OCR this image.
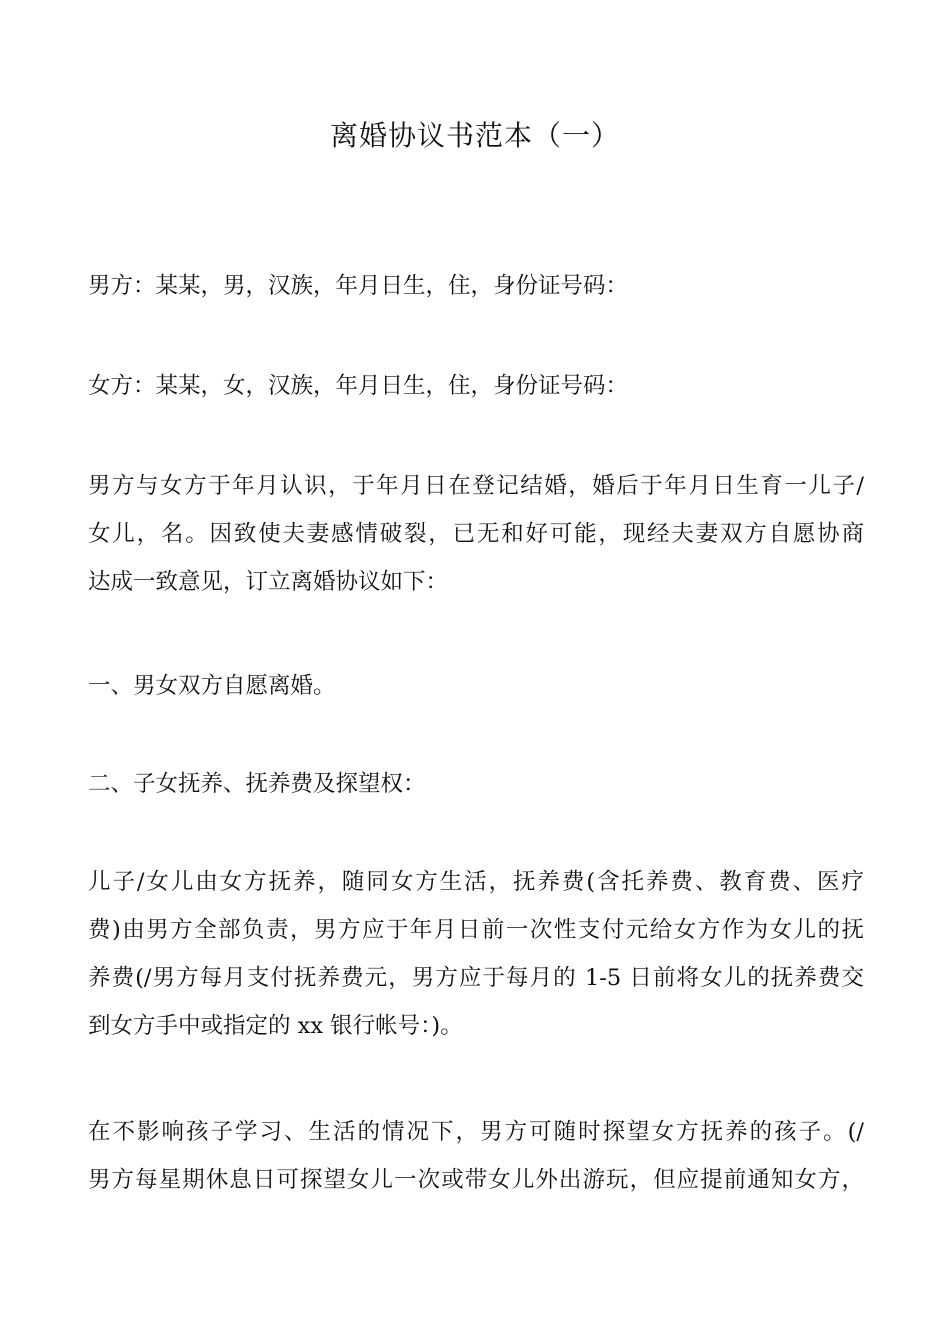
离婚协议书范本（一）

男方：某某，男，汉族，年月日生，住，身份证号码：

女方：某某，女，汉族，年月日生，住，身份证号码：

男方与女方于年月认识，于年月日在登记结婚，婚后于年月日生育一儿子/
女儿，名。因致使夫妻感情破裂，已无和好可能，现经夫妻双方自愿协商
达成一致意见，订立离婚协议如下：

一、男女双方自愿离婚。

二、子女抚养、抚养费及探望权：

儿子/女儿由女方抚养，随同女方生活，抚养费(含托养费、教育费、医疗
费)由男方全部负责，男方应于年月日前一次性支付元给女方作为女儿的抚
养费(/男方每月支付抚养费元，男方应于每月的 1-5 日前将女儿的抚养费交
到女方手中或指定的 xx 银行帐号：)。

在不影响孩子学习、生活的情况下，男方可随时探望女方抚养的孩子。(/
男方每星期休息日可探望女儿一次或带女儿外出游玩，但应提前通知女方，
